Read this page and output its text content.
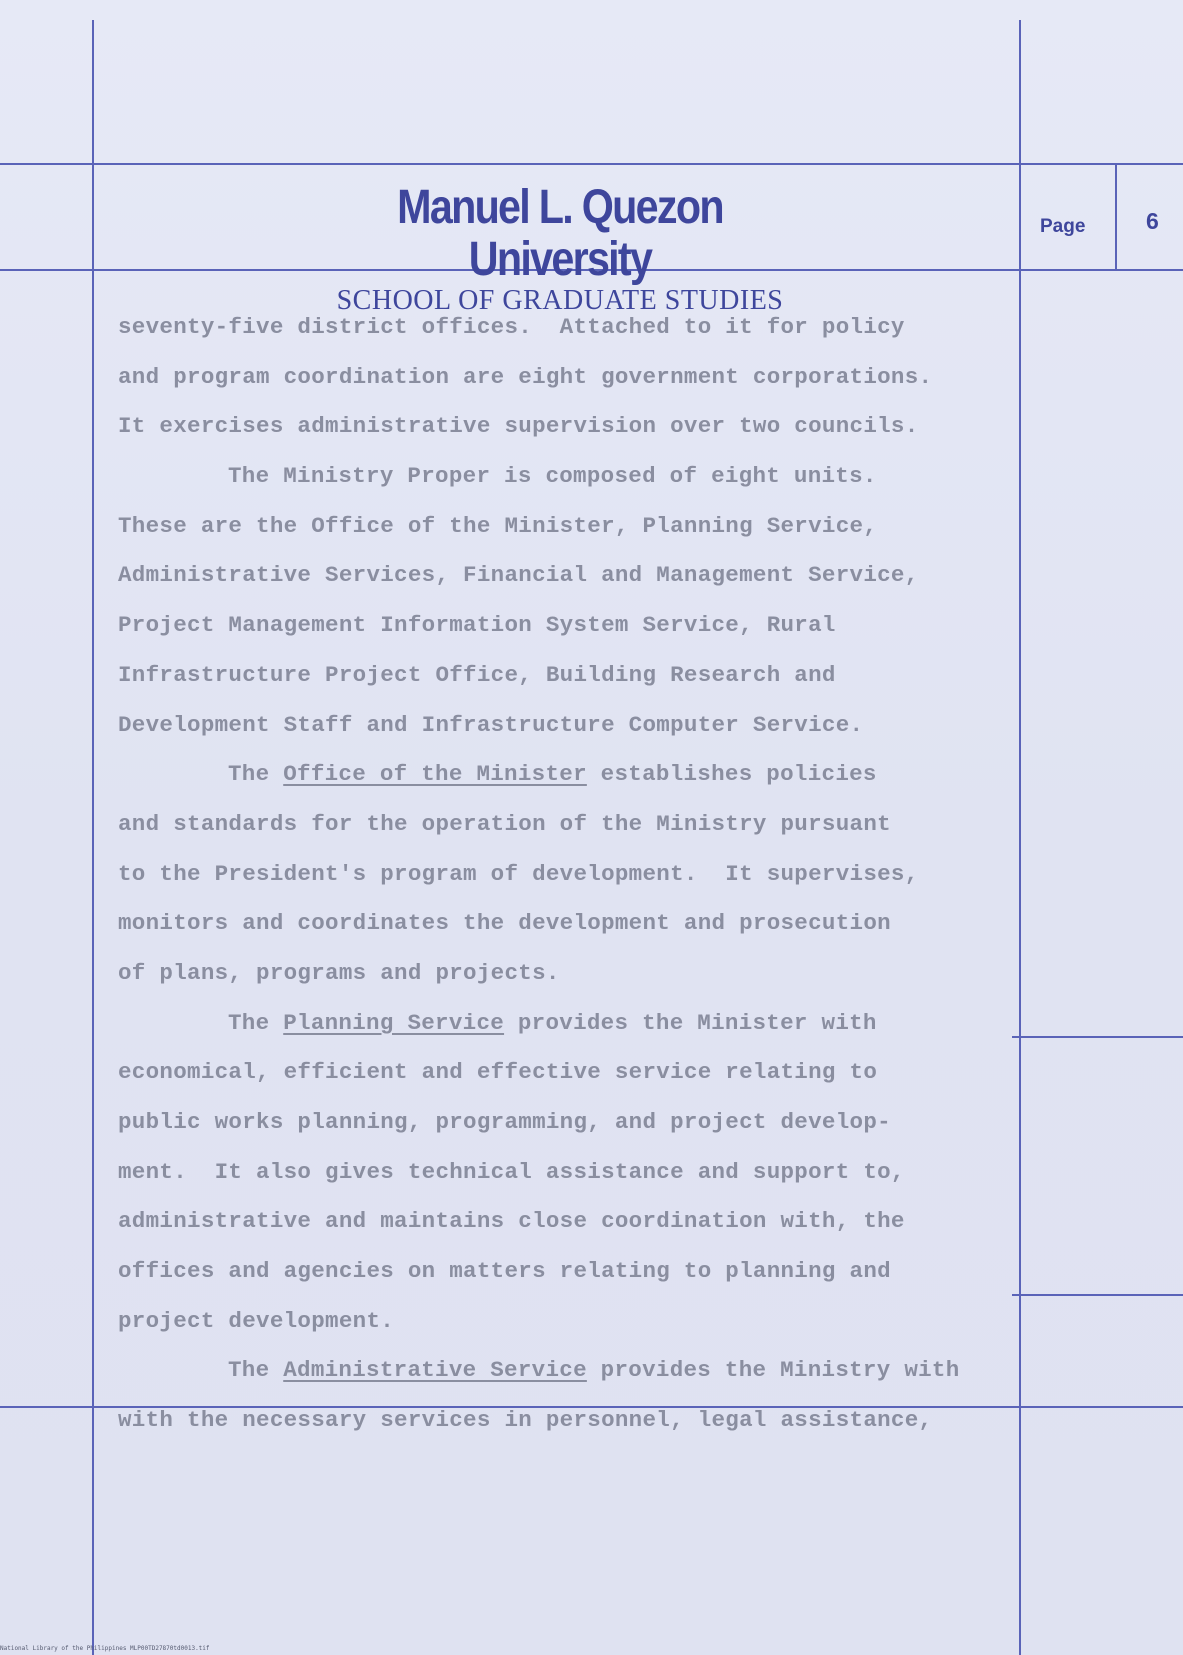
Manuel L. Quezon University
SCHOOL OF GRADUATE STUDIES
Page	6
seventy-five district offices.  Attached to it for policy
and program coordination are eight government corporations.
It exercises administrative supervision over two councils.
The Ministry Proper is composed of eight units.
These are the Office of the Minister, Planning Service,
Administrative Services, Financial and Management Service,
Project Management Information System Service, Rural
Infrastructure Project Office, Building Research and
Development Staff and Infrastructure Computer Service.
The Office of the Minister establishes policies
and standards for the operation of the Ministry pursuant
to the President's program of development.  It supervises,
monitors and coordinates the development and prosecution
of plans, programs and projects.
The Planning Service provides the Minister with
economical, efficient and effective service relating to
public works planning, programming, and project develop-
ment.  It also gives technical assistance and support to,
administrative and maintains close coordination with, the
offices and agencies on matters relating to planning and
project development.
The Administrative Service provides the Ministry with
with the necessary services in personnel, legal assistance,
National Library of the Philippines MLP00TD27870td0013.tif
